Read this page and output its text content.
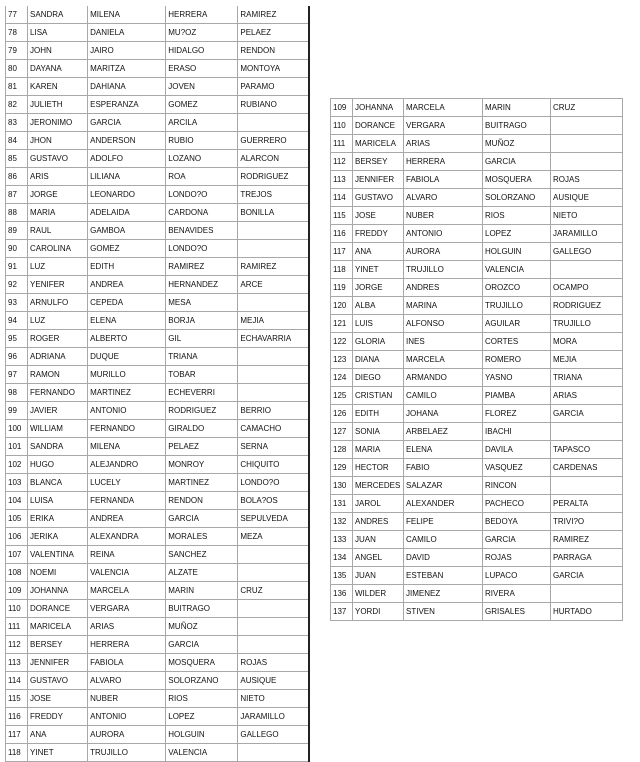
77	SANDRA	MILENA	HERRERA	RAMIREZ
78	LISA	DANIELA	MU?OZ	PELAEZ
79	JOHN	JAIRO	HIDALGO	RENDON
80	DAYANA	MARITZA	ERASO	MONTOYA
81	KAREN	DAHIANA	JOVEN	PARAMO
82	JULIETH	ESPERANZA	GOMEZ	RUBIANO
83	JERONIMO	GARCIA	ARCILA	
84	JHON	ANDERSON	RUBIO	GUERRERO
85	GUSTAVO	ADOLFO	LOZANO	ALARCON
86	ARIS	LILIANA	ROA	RODRIGUEZ
87	JORGE	LEONARDO	LONDO?O	TREJOS
88	MARIA	ADELAIDA	CARDONA	BONILLA
89	RAUL	GAMBOA	BENAVIDES	
90	CAROLINA	GOMEZ	LONDO?O	
91	LUZ	EDITH	RAMIREZ	RAMIREZ
92	YENIFER	ANDREA	HERNANDEZ	ARCE
93	ARNULFO	CEPEDA	MESA	
94	LUZ	ELENA	BORJA	MEJIA
95	ROGER	ALBERTO	GIL	ECHAVARRIA
96	ADRIANA	DUQUE	TRIANA	
97	RAMON	MURILLO	TOBAR	
98	FERNANDO	MARTINEZ	ECHEVERRI	
99	JAVIER	ANTONIO	RODRIGUEZ	BERRIO
100	WILLIAM	FERNANDO	GIRALDO	CAMACHO
101	SANDRA	MILENA	PELAEZ	SERNA
102	HUGO	ALEJANDRO	MONROY	CHIQUITO
103	BLANCA	LUCELY	MARTINEZ	LONDO?O
104	LUISA	FERNANDA	RENDON	BOLA?OS
105	ERIKA	ANDREA	GARCIA	SEPULVEDA
106	JERIKA	ALEXANDRA	MORALES	MEZA
107	VALENTINA	REINA	SANCHEZ	
108	NOEMI	VALENCIA	ALZATE	
109	JOHANNA	MARCELA	MARIN	CRUZ
110	DORANCE	VERGARA	BUITRAGO	
111	MARICELA	ARIAS	MUÑOZ	
112	BERSEY	HERRERA	GARCIA	
113	JENNIFER	FABIOLA	MOSQUERA	ROJAS
114	GUSTAVO	ALVARO	SOLORZANO	AUSIQUE
115	JOSE	NUBER	RIOS	NIETO
116	FREDDY	ANTONIO	LOPEZ	JARAMILLO
117	ANA	AURORA	HOLGUIN	GALLEGO
118	YINET	TRUJILLO	VALENCIA	
109	JOHANNA	MARCELA	MARIN	CRUZ
110	DORANCE	VERGARA	BUITRAGO	
111	MARICELA	ARIAS	MUÑOZ	
112	BERSEY	HERRERA	GARCIA	
113	JENNIFER	FABIOLA	MOSQUERA	ROJAS
114	GUSTAVO	ALVARO	SOLORZANO	AUSIQUE
115	JOSE	NUBER	RIOS	NIETO
116	FREDDY	ANTONIO	LOPEZ	JARAMILLO
117	ANA	AURORA	HOLGUIN	GALLEGO
118	YINET	TRUJILLO	VALENCIA	
119	JORGE	ANDRES	OROZCO	OCAMPO
120	ALBA	MARINA	TRUJILLO	RODRIGUEZ
121	LUIS	ALFONSO	AGUILAR	TRUJILLO
122	GLORIA	INES	CORTES	MORA
123	DIANA	MARCELA	ROMERO	MEJIA
124	DIEGO	ARMANDO	YASNO	TRIANA
125	CRISTIAN	CAMILO	PIAMBA	ARIAS
126	EDITH	JOHANA	FLOREZ	GARCIA
127	SONIA	ARBELAEZ	IBACHI	
128	MARIA	ELENA	DAVILA	TAPASCO
129	HECTOR	FABIO	VASQUEZ	CARDENAS
130	MERCEDES	SALAZAR	RINCON	
131	JAROL	ALEXANDER	PACHECO	PERALTA
132	ANDRES	FELIPE	BEDOYA	TRIVI?O
133	JUAN	CAMILO	GARCIA	RAMIREZ
134	ANGEL	DAVID	ROJAS	PARRAGA
135	JUAN	ESTEBAN	LUPACO	GARCIA
136	WILDER	JIMENEZ	RIVERA	
137	YORDI	STIVEN	GRISALES	HURTADO
